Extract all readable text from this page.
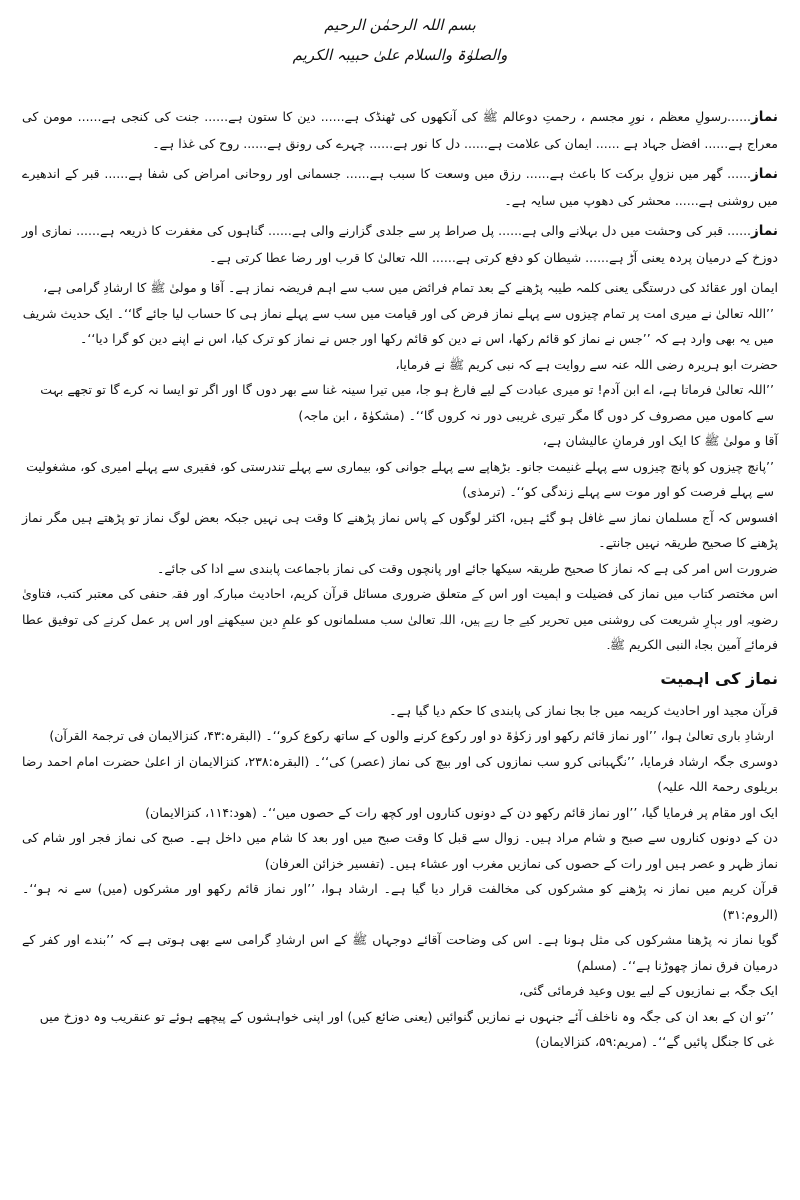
بسم اللہ الرحمٰن الرحیم
والصلوٰۃ والسلام علیٰ حبیبہ الکریم

نماز......رسولِ معظم ، نورِ مجسم ، رحمتِ دوعالم ﷺ کی آنکھوں کی ٹھنڈک ہے...... دین کا ستون ہے...... جنت کی کنجی ہے...... مومن کی معراج ہے...... افضل جہاد ہے ...... ایمان کی علامت ہے...... دل کا نور ہے...... چہرے کی رونق ہے...... روح کی غذا ہے۔

نماز...... گھر میں نزولِ برکت کا باعث ہے...... رزق میں وسعت کا سبب ہے...... جسمانی اور روحانی امراض کی شفا ہے...... قبر کے اندھیرے میں روشنی ہے...... محشر کی دھوپ میں سایہ ہے۔

نماز...... قبر کی وحشت میں دل بہلانے والی ہے...... پل صراط پر سے جلدی گزارنے والی ہے...... گناہوں کی مغفرت کا ذریعہ ہے...... نمازی اور دوزخ کے درمیان پردہ یعنی آڑ ہے...... شیطان کو دفع کرتی ہے...... اللہ تعالیٰ کا قرب اور رضا عطا کرتی ہے۔

ایمان اور عقائد کی درستگی یعنی کلمہ طیبہ پڑھنے کے بعد تمام فرائض میں سب سے اہم فریضہ نماز ہے۔ آقا و مولیٰ ﷺ کا ارشادِ گرامی ہے،

’’اللہ تعالیٰ نے میری امت پر تمام چیزوں سے پہلے نماز فرض کی اور قیامت میں سب سے پہلے نماز ہی کا حساب لیا جائے گا‘‘۔ ایک حدیث شریف میں یہ بھی وارد ہے کہ ’’جس نے نماز کو قائم رکھا، اس نے دین کو قائم رکھا اور جس نے نماز کو ترک کیا، اس نے اپنے دین کو گرا دیا‘‘۔

حضرت ابو ہریرہ رضی اللہ عنہ سے روایت ہے کہ نبی کریم ﷺ نے فرمایا،

’’اللہ تعالیٰ فرماتا ہے، اے ابن آدم! تو میری عبادت کے لیے فارغ ہو جا، میں تیرا سینہ غنا سے بھر دوں گا اور اگر تو ایسا نہ کرے گا تو تجھے بہت سے کاموں میں مصروف کر دوں گا مگر تیری غریبی دور نہ کروں گا‘‘۔ (مشکوٰۃ ، ابن ماجہ)

آقا و مولیٰ ﷺ کا ایک اور فرمانِ عالیشان ہے،

’’پانچ چیزوں کو پانچ چیزوں سے پہلے غنیمت جانو۔ بڑھاپے سے پہلے جوانی کو، بیماری سے پہلے تندرستی کو، فقیری سے پہلے امیری کو، مشغولیت سے پہلے فرصت کو اور موت سے پہلے زندگی کو‘‘۔ (ترمذی)

افسوس کہ آج مسلمان نماز سے غافل ہو گئے ہیں، اکثر لوگوں کے پاس نماز پڑھنے کا وقت ہی نہیں جبکہ بعض لوگ نماز تو پڑھتے ہیں مگر نماز پڑھنے کا صحیح طریقہ نہیں جانتے۔

ضرورت اس امر کی ہے کہ نماز کا صحیح طریقہ سیکھا جائے اور پانچوں وقت کی نماز باجماعت پابندی سے ادا کی جائے۔

اس مختصر کتاب میں نماز کی فضیلت و اہمیت اور اس کے متعلق ضروری مسائل قرآن کریم، احادیث مبارکہ اور فقہ حنفی کی معتبر کتب، فتاویٰ رضویہ اور بہارِ شریعت کی روشنی میں تحریر کیے جا رہے ہیں، اللہ تعالیٰ سب مسلمانوں کو علمِ دین سیکھنے اور اس پر عمل کرنے کی توفیق عطا فرمائے آمین بجاہ النبی الکریم ﷺ۔

نماز کی اہمیت

قرآن مجید اور احادیث کریمہ میں جا بجا نماز کی پابندی کا حکم دیا گیا ہے۔

ارشادِ باری تعالیٰ ہوا، ’’اور نماز قائم رکھو اور زکوٰۃ دو اور رکوع کرنے والوں کے ساتھ رکوع کرو‘‘۔ (البقرہ:۴۳، کنزالایمان فی ترجمۃ القرآن)

دوسری جگہ ارشاد فرمایا، ’’نگہبانی کرو سب نمازوں کی اور بیچ کی نماز (عصر) کی‘‘۔ (البقرہ:۲۳۸، کنزالایمان از اعلیٰ حضرت امام احمد رضا بریلوی رحمۃ اللہ علیہ)

ایک اور مقام پر فرمایا گیا، ’’اور نماز قائم رکھو دن کے دونوں کناروں اور کچھ رات کے حصوں میں‘‘۔ (ھود:۱۱۴، کنزالایمان)

دن کے دونوں کناروں سے صبح و شام مراد ہیں۔ زوال سے قبل کا وقت صبح میں اور بعد کا شام میں داخل ہے۔ صبح کی نماز فجر اور شام کی نماز ظہر و عصر ہیں اور رات کے حصوں کی نمازیں مغرب اور عشاء ہیں۔ (تفسیر خزائن العرفان)

قرآن کریم میں نماز نہ پڑھنے کو مشرکوں کی مخالفت قرار دیا گیا ہے۔ ارشاد ہوا، ’’اور نماز قائم رکھو اور مشرکوں (میں) سے نہ ہو‘‘۔ (الروم:۳۱)

گویا نماز نہ پڑھنا مشرکوں کی مثل ہونا ہے۔ اس کی وضاحت آقائے دوجہاں ﷺ کے اس ارشادِ گرامی سے بھی ہوتی ہے کہ ’’بندے اور کفر کے درمیان فرق نماز چھوڑنا ہے‘‘۔ (مسلم)

ایک جگہ بے نمازیوں کے لیے یوں وعید فرمائی گئی،

’’تو ان کے بعد ان کی جگہ وہ ناخلف آئے جنہوں نے نمازیں گنوائیں (یعنی ضائع کیں) اور اپنی خواہشوں کے پیچھے ہوئے تو عنقریب وہ دوزخ میں غی کا جنگل پائیں گے‘‘۔ (مریم:۵۹، کنزالایمان)
